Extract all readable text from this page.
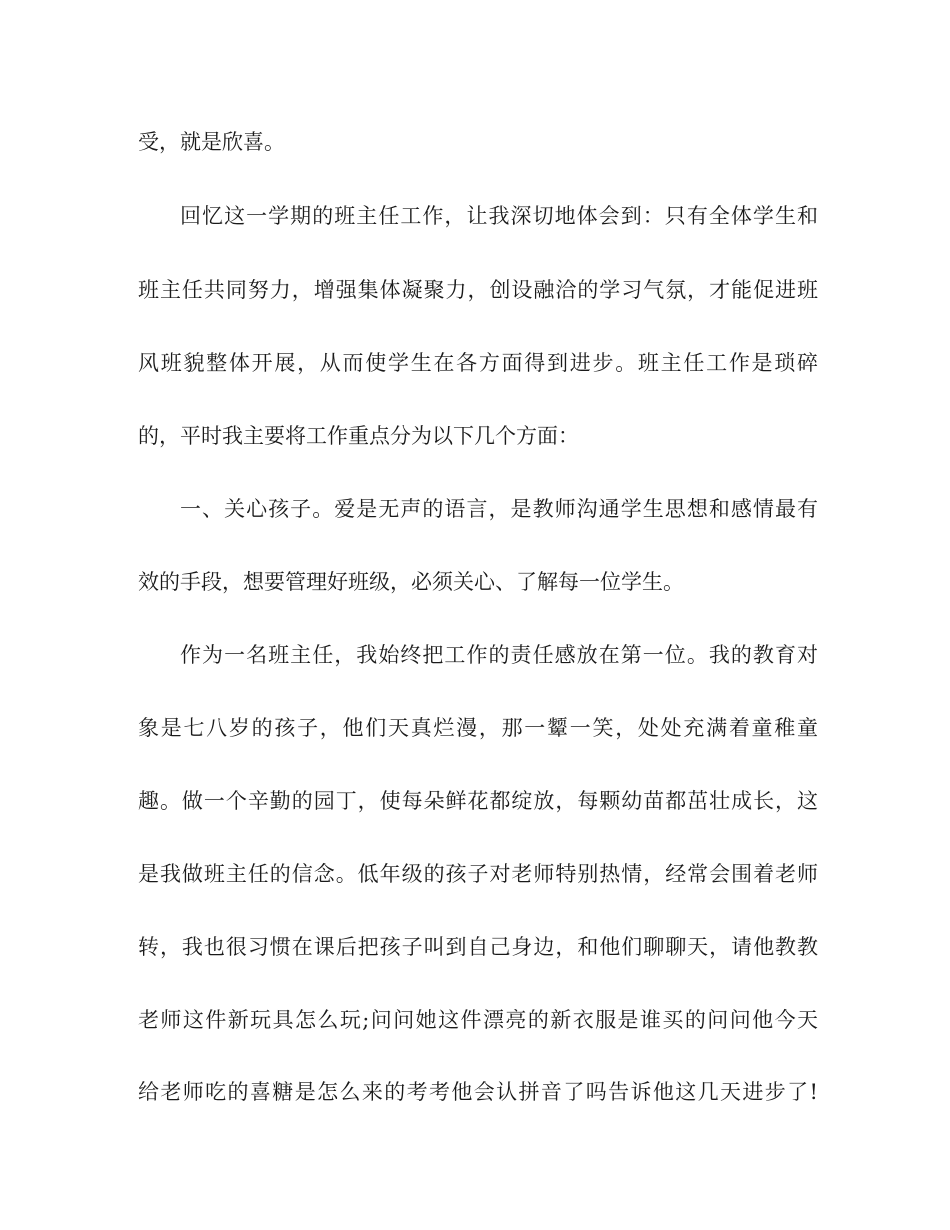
受，就是欣喜。
回忆这一学期的班主任工作，让我深切地体会到：只有全体学生和
班主任共同努力，增强集体凝聚力，创设融洽的学习气氛，才能促进班
风班貌整体开展，从而使学生在各方面得到进步。班主任工作是琐碎
的，平时我主要将工作重点分为以下几个方面：
一、关心孩子。爱是无声的语言，是教师沟通学生思想和感情最有
效的手段，想要管理好班级，必须关心、了解每一位学生。
作为一名班主任，我始终把工作的责任感放在第一位。我的教育对
象是七八岁的孩子，他们天真烂漫，那一颦一笑，处处充满着童稚童
趣。做一个辛勤的园丁，使每朵鲜花都绽放，每颗幼苗都茁壮成长，这
是我做班主任的信念。低年级的孩子对老师特别热情，经常会围着老师
转，我也很习惯在课后把孩子叫到自己身边，和他们聊聊天，请他教教
老师这件新玩具怎么玩;问问她这件漂亮的新衣服是谁买的问问他今天
给老师吃的喜糖是怎么来的考考他会认拼音了吗告诉他这几天进步了!
